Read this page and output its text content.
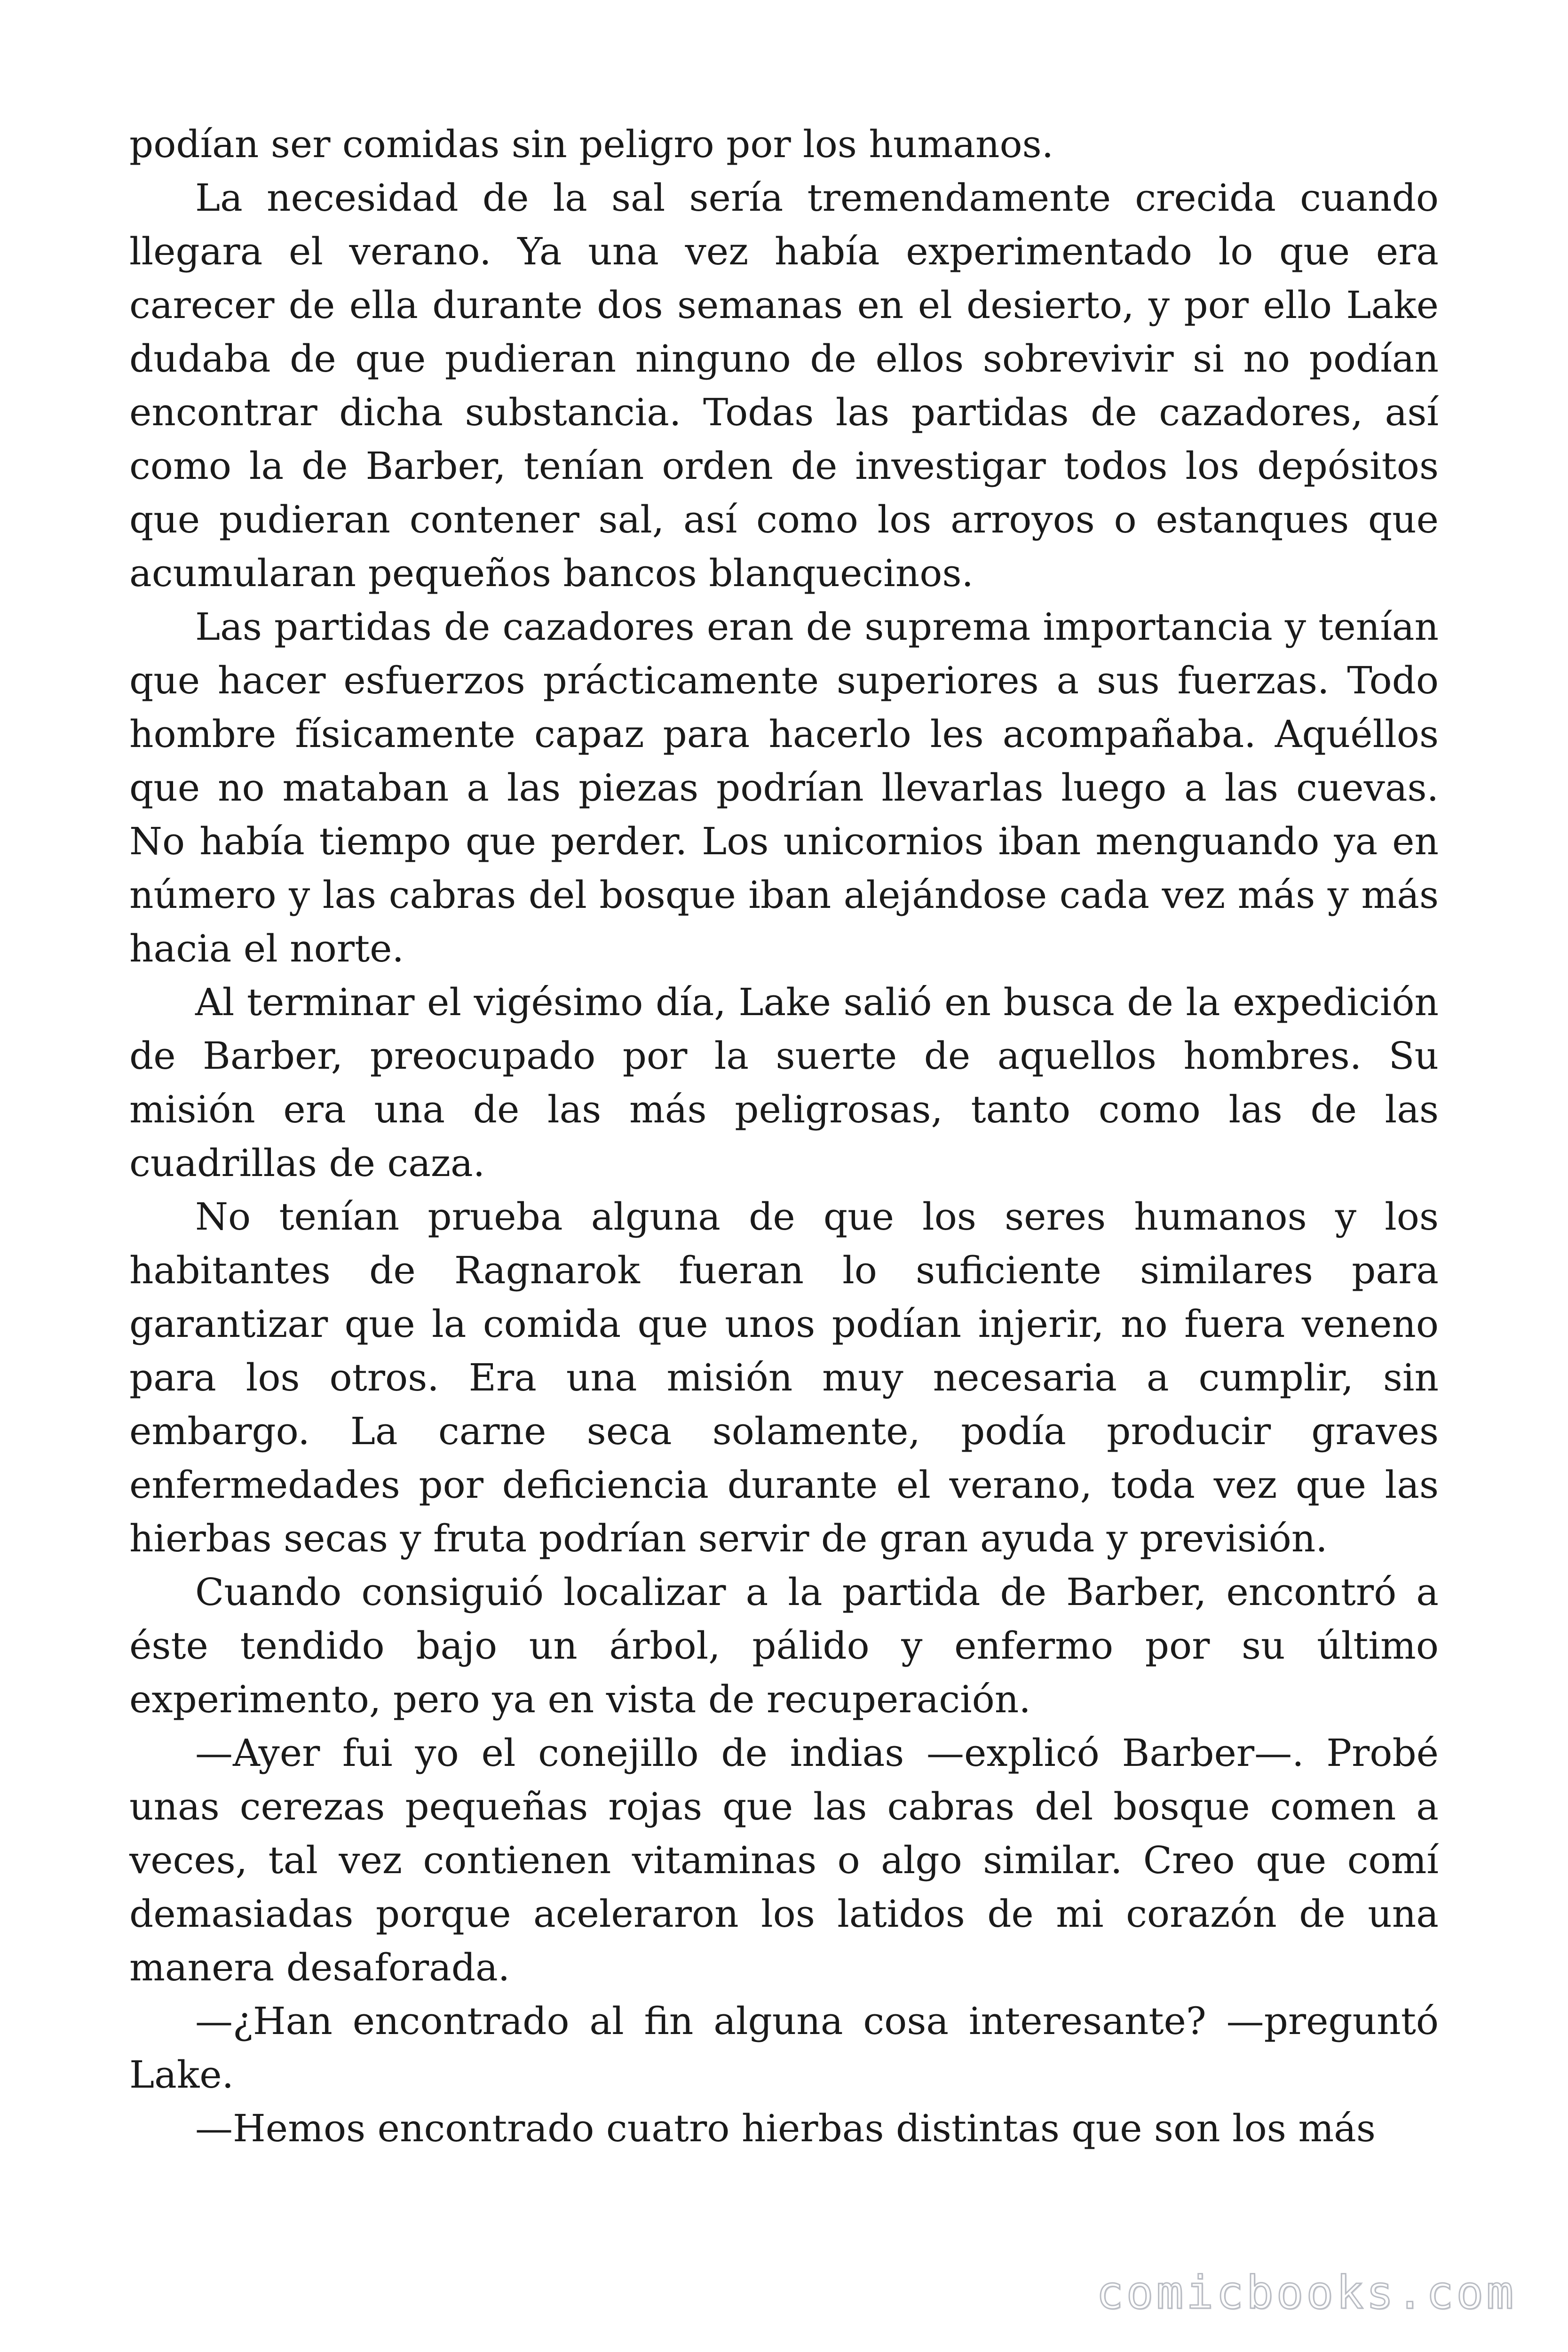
podían ser comidas sin peligro por los humanos.

La necesidad de la sal sería tremendamente crecida cuando llegara el verano. Ya una vez había experimentado lo que era carecer de ella durante dos semanas en el desierto, y por ello Lake dudaba de que pudieran ninguno de ellos sobrevivir si no podían encontrar dicha substancia. Todas las partidas de cazadores, así como la de Barber, tenían orden de investigar todos los depósitos que pudieran contener sal, así como los arroyos o estanques que acumularan pequeños bancos blanquecinos.

Las partidas de cazadores eran de suprema importancia y tenían que hacer esfuerzos prácticamente superiores a sus fuerzas. Todo hombre físicamente capaz para hacerlo les acompañaba. Aquéllos que no mataban a las piezas podrían llevarlas luego a las cuevas. No había tiempo que perder. Los unicornios iban menguando ya en número y las cabras del bosque iban alejándose cada vez más y más hacia el norte.

Al terminar el vigésimo día, Lake salió en busca de la expedición de Barber, preocupado por la suerte de aquellos hombres. Su misión era una de las más peligrosas, tanto como las de las cuadrillas de caza.

No tenían prueba alguna de que los seres humanos y los habitantes de Ragnarok fueran lo suficiente similares para garantizar que la comida que unos podían injerir, no fuera veneno para los otros. Era una misión muy necesaria a cumplir, sin embargo. La carne seca solamente, podía producir graves enfermedades por deficiencia durante el verano, toda vez que las hierbas secas y fruta podrían servir de gran ayuda y previsión.

Cuando consiguió localizar a la partida de Barber, encontró a éste tendido bajo un árbol, pálido y enfermo por su último experimento, pero ya en vista de recuperación.

—Ayer fui yo el conejillo de indias —explicó Barber—. Probé unas cerezas pequeñas rojas que las cabras del bosque comen a veces, tal vez contienen vitaminas o algo similar. Creo que comí demasiadas porque aceleraron los latidos de mi corazón de una manera desaforada.

—¿Han encontrado al fin alguna cosa interesante? —preguntó Lake.

—Hemos encontrado cuatro hierbas distintas que son los más

comicbooks.com
